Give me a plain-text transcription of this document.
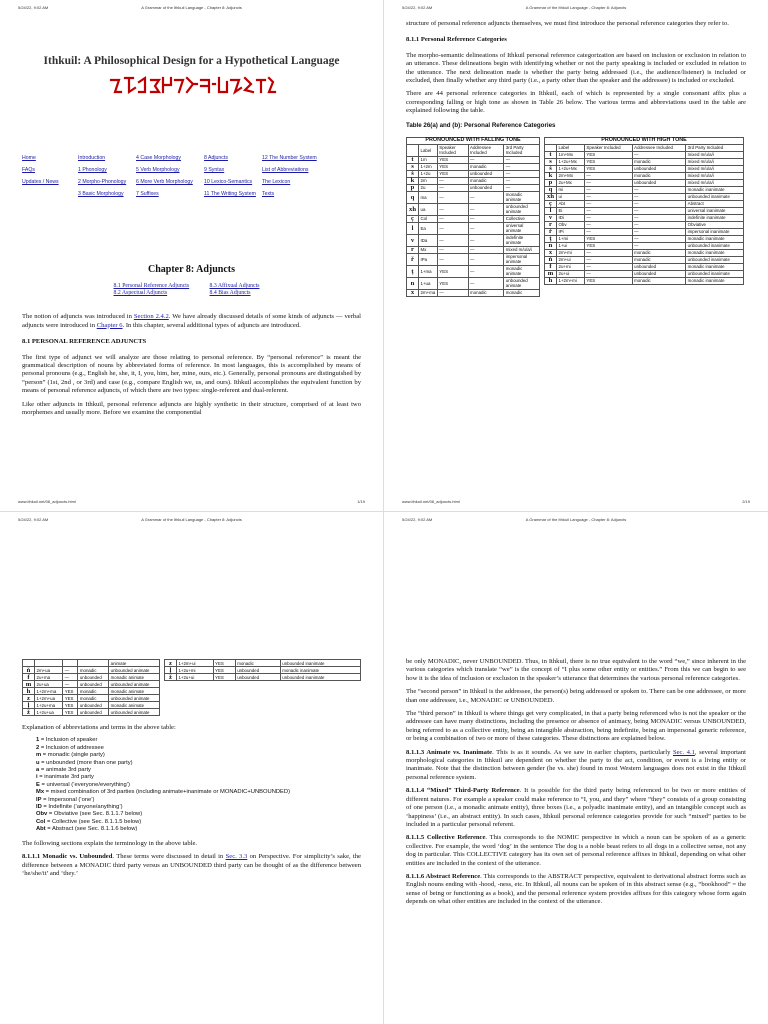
5/24/22, 9:02 AM	A Grammar of the Ithkuil Language - Chapter 8: Adjuncts
Ithkuil: A Philosophical Design for a Hypothetical Language
Home	Introduction	4 Case Morphology	8 Adjuncts	12 The Number System
FAQs	1 Phonology	5 Verb Morphology	9 Syntax	List of Abbreviations
Updates / News	2 Morpho-Phonology	6 More Verb Morphology	10 Lexico-Semantics	The Lexicon
3 Basic Morphology	7 Suffixes	11 The Writing System	Texts
Chapter 8: Adjuncts
8.1 Personal Reference Adjuncts	8.3 Affixual Adjuncts
8.2 Aspectual Adjuncts	8.4 Bias Adjuncts

The notion of adjuncts was introduced in Section 2.4.2. We have already discussed details of some kinds of adjuncts — verbal adjuncts were introduced in Chapter 6. In this chapter, several additional types of adjuncts are introduced.

8.1 PERSONAL REFERENCE ADJUNCTS

The first type of adjunct we will analyze are those relating to personal reference. By “personal reference” is meant the grammatical description of nouns by abbreviated forms of reference. In most languages, this is accomplished by means of personal pronouns (e.g., English he, she, it, I, you, him, her, mine, ours, etc.). Generally, personal pronouns are distinguished by “person” (1st, 2nd , or 3rd) and case (e.g., compare English we, us, and ours). Ithkuil accomplishes the equivalent function by means of personal reference adjuncts, of which there are two types: single-referent and dual-referent.

Like other adjuncts in Ithkuil, personal reference adjuncts are highly synthetic in their structure, comprised of at least two morphemes and usually more. Before we examine the componential

www.ithkuil.net/08_adjuncts.html	1/19
5/24/22, 9:02 AM	A Grammar of the Ithkuil Language - Chapter 8: Adjuncts

structure of personal reference adjuncts themselves, we must first introduce the personal reference categories they refer to.

8.1.1 Personal Reference Categories

The morpho-semantic delineations of Ithkuil personal reference categorization are based on inclusion or exclusion in relation to an utterance. These delineations begin with identifying whether or not the party speaking is included or excluded in relation to the utterance. The next delineation made is whether the party being addressed (i.e., the audience/listener) is included or excluded, then finally whether any third party (i.e., a party other than the speaker and the addressee) is included or excluded.

There are 44 personal reference categories in Ithkuil, each of which is represented by a single consonant affix plus a corresponding falling or high tone as shown in Table 26 below. The various terms and abbreviations used in the table are explained following the table.

Table 26(a) and (b): Personal Reference Categories
PRONOUNCED WITH FALLING TONE				
	Label	Speaker Included	Addressee Included	3rd Party Included
t	1m	YES	—	—
s	1+2m	YES	monadic	—
š	1+2u	YES	unbounded	—
k	2m	—	monadic	—
p	2u	—	unbounded	—
q	ma	—	—	monadic animate
xh	ua	—	—	unbounded animate
ç	Col	—	—	Collective
l	Ea	—	—	universal animate
v	IDa	—	—	indefinite animate
r	Mx	—	—	mixed m/u/a/i
ř	IPa	—	—	impersonal animate
ţ	1+ma	YES	—	monadic animate
n	1+ua	YES	—	unbounded animate
x	2m+ma	—	monadic	monadic
PRONOUNCED WITH HIGH TONE				
	Label	Speaker Included	Addressee Included	3rd Party Included
t	1m+Mx	YES	—	mixed m/u/a/i
s	1+2u+Mx	YES	monadic	mixed m/u/a/i
š	1+2u+Mx	YES	unbounded	mixed m/u/a/i
k	2m+Mx	—	monadic	mixed m/u/a/i
p	2u+Mx	—	unbounded	mixed m/u/a/i
q	mi	—	—	monadic inanimate
xh	ui	—	—	unbounded inanimate
ç	Abt	—	—	Abstract
l	Ei	—	—	universal inanimate
v	IDi	—	—	indefinite inanimate
r	Obv	—	—	Obviative
ř	IPi	—	—	impersonal inanimate
ţ	1+mi	YES	—	monadic inanimate
n	1+ui	YES	—	unbounded inanimate
x	2m+mi	—	monadic	monadic inanimate
ň	2m+ui	—	monadic	unbounded inanimate
f	2u+mi	—	unbounded	monadic inanimate
m	2u+ui	—	unbounded	unbounded inanimate
h	1+2m+mi	YES	monadic	monadic inanimate
www.ithkuil.net/08_adjuncts.html	2/19
5/24/22, 9:02 AM	A Grammar of the Ithkuil Language - Chapter 8: Adjuncts
				animate
ň	2m+ua	—	monadic	unbounded animate
f	2u+ma	—	unbounded	monadic animate
m	2u+ua	—	unbounded	unbounded animate
h	1+2m+ma	YES	monadic	monadic animate
z	1+2m+ua	YES	monadic	unbounded animate
ļ	1+2u+ma	YES	unbounded	monadic animate
ž	1+2u+ua	YES	unbounded	unbounded animate
z	1+2m+ui	YES	monadic	unbounded inanimate
ļ	1+2u+mi	YES	unbounded	monadic inanimate
ž	1+2u+ui	YES	unbounded	unbounded inanimate

Explanation of abbreviations and terms in the above table:

1 = Inclusion of speaker
2 = Inclusion of addressee
m = monadic (single party)
u = unbounded (more than one party)
a = animate 3rd party
i = inanimate 3rd party
E = universal (‘everyone/everything’)
Mx = mixed combination of 3rd parties (including animate+inanimate or MONADIC+UNBOUNDED)
IP = Impersonal (‘one’)
ID = Indefinite (‘anyone/anything’)
Obv = Obviative (see Sec. 8.1.1.7 below)
Col = Collective (see Sec. 8.1.1.5 below)
Abt = Abstract (see Sec. 8.1.1.6 below)

The following sections explain the terminology in the above table.

8.1.1.1 Monadic vs. Unbounded. These terms were discussed in detail in Sec. 3.3 on Perspective. For simplicity’s sake, the difference between a MONADIC third party versus an UNBOUNDED third party can be thought of as the difference between ‘he/she/it’ and ‘they.’

5/24/22, 9:02 AM	A Grammar of the Ithkuil Language - Chapter 8: Adjuncts

be only MONADIC, never UNBOUNDED. Thus, in Ithkuil, there is no true equivalent to the word “we,” since inherent in the various categories which translate “we” is the concept of “I plus some other entity or entities.” From this we can begin to see how it is the idea of inclusion or exclusion in the speaker’s utterance that determines the various personal reference categories.

The “second person” in Ithkuil is the addressee, the person(s) being addressed or spoken to. There can be one addressee, or more than one addressee, i.e., MONADIC or UNBOUNDED.

The “third person” in Ithkuil is where things get very complicated, in that a party being referenced who is not the speaker or the addressee can have many distinctions, including the presence or absence of animacy, being MONADIC versus UNBOUNDED, being referred to as a collective entity, being an intangible abstraction, being indefinite, being an impersonal generic reference, or being a combination of two or more of these categories. These distinctions are explained below.

8.1.1.3 Animate vs. Inanimate. This is as it sounds. As we saw in earlier chapters, particularly Sec. 4.1, several important morphological categories in Ithkuil are dependent on whether the party to the act, condition, or event is a living entity or inanimate. Note that the distinction between gender (he vs. she) found in most Western languages does not exist in the Ithkuil personal reference system.

8.1.1.4 “Mixed” Third-Party Reference. It is possible for the third party being referenced to be two or more entities of different natures. For example a speaker could make reference to “I, you, and they” where “they” consists of a group consisting of one person (i.e., a monadic animate entity), three boxes (i.e., a polyadic inanimate entity), and an intangible concept such as ‘happiness’ (i.e., an abstract entity). In such cases, Ithkuil personal reference categories provide for such “mixed” parties to be included in a particular personal referent.

8.1.1.5 Collective Reference. This corresponds to the NOMIC perspective in which a noun can be spoken of as a generic collective. For example, the word ‘dog’ in the sentence The dog is a noble beast refers to all dogs in a collective sense, not any dog in particular. This COLLECTIVE category has its own set of personal reference affixes in Ithkuil, depending on what other entities are included in the context of the utterance.

8.1.1.6 Abstract Reference. This corresponds to the ABSTRACT perspective, equivalent to derivational abstract forms such as English nouns ending with -hood, -ness, etc. In Ithkuil, all nouns can be spoken of in this abstract sense (e.g., “bookhood” = the sense of being or functioning as a book), and the personal reference system provides affixes for this category whose form again depends on what other entities are included in the context of the utterance.
